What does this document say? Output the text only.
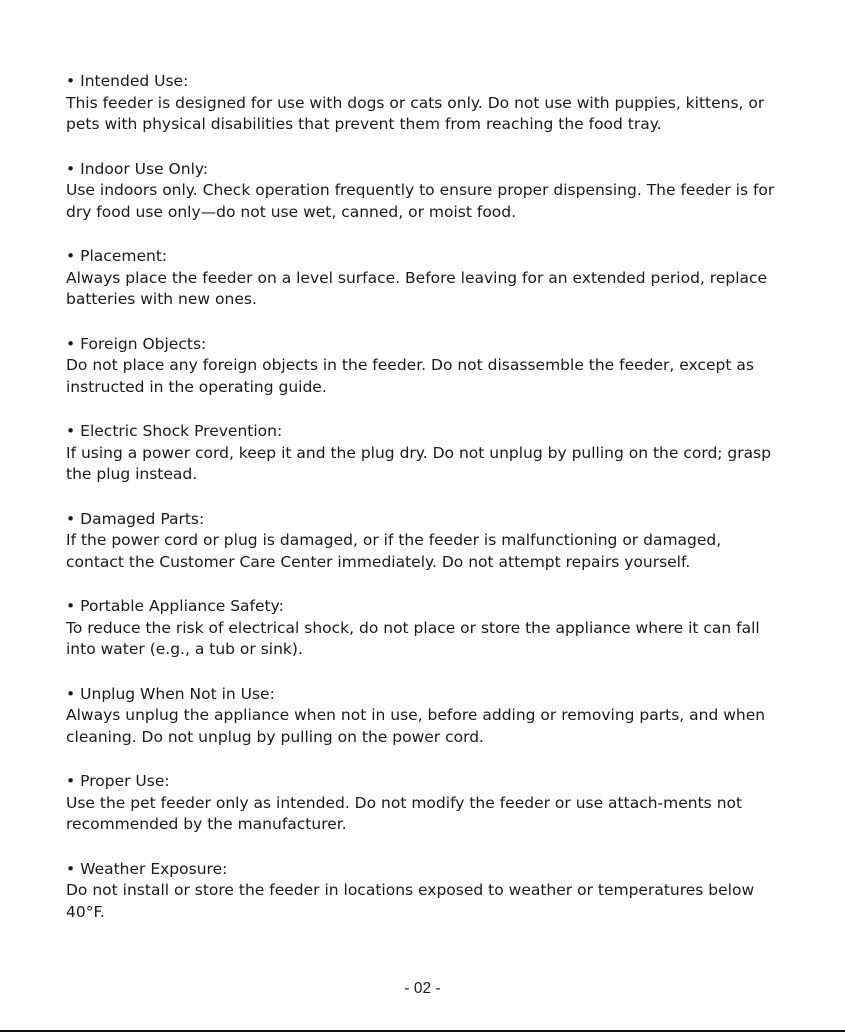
• Intended Use:

This feeder is designed for use with dogs or cats only. Do not use with puppies, kittens, or pets with physical disabilities that prevent them from reaching the food tray.

• Indoor Use Only:

Use indoors only. Check operation frequently to ensure proper dispensing. The feeder is for dry food use only—do not use wet, canned, or moist food.

• Placement:

Always place the feeder on a level surface. Before leaving for an extended period, replace batteries with new ones.

• Foreign Objects:

Do not place any foreign objects in the feeder. Do not disassemble the feeder, except as instructed in the operating guide.

• Electric Shock Prevention:

If using a power cord, keep it and the plug dry. Do not unplug by pulling on the cord; grasp the plug instead.

• Damaged Parts:

If the power cord or plug is damaged, or if the feeder is malfunctioning or damaged, contact the Customer Care Center immediately. Do not attempt repairs yourself.

• Portable Appliance Safety:

To reduce the risk of electrical shock, do not place or store the appliance where it can fall into water (e.g., a tub or sink).

• Unplug When Not in Use:

Always unplug the appliance when not in use, before adding or removing parts, and when cleaning. Do not unplug by pulling on the power cord.

• Proper Use:

Use the pet feeder only as intended. Do not modify the feeder or use attach-ments not recommended by the manufacturer.

• Weather Exposure:

Do not install or store the feeder in locations exposed to weather or temperatures below 40°F.

- 02 -
